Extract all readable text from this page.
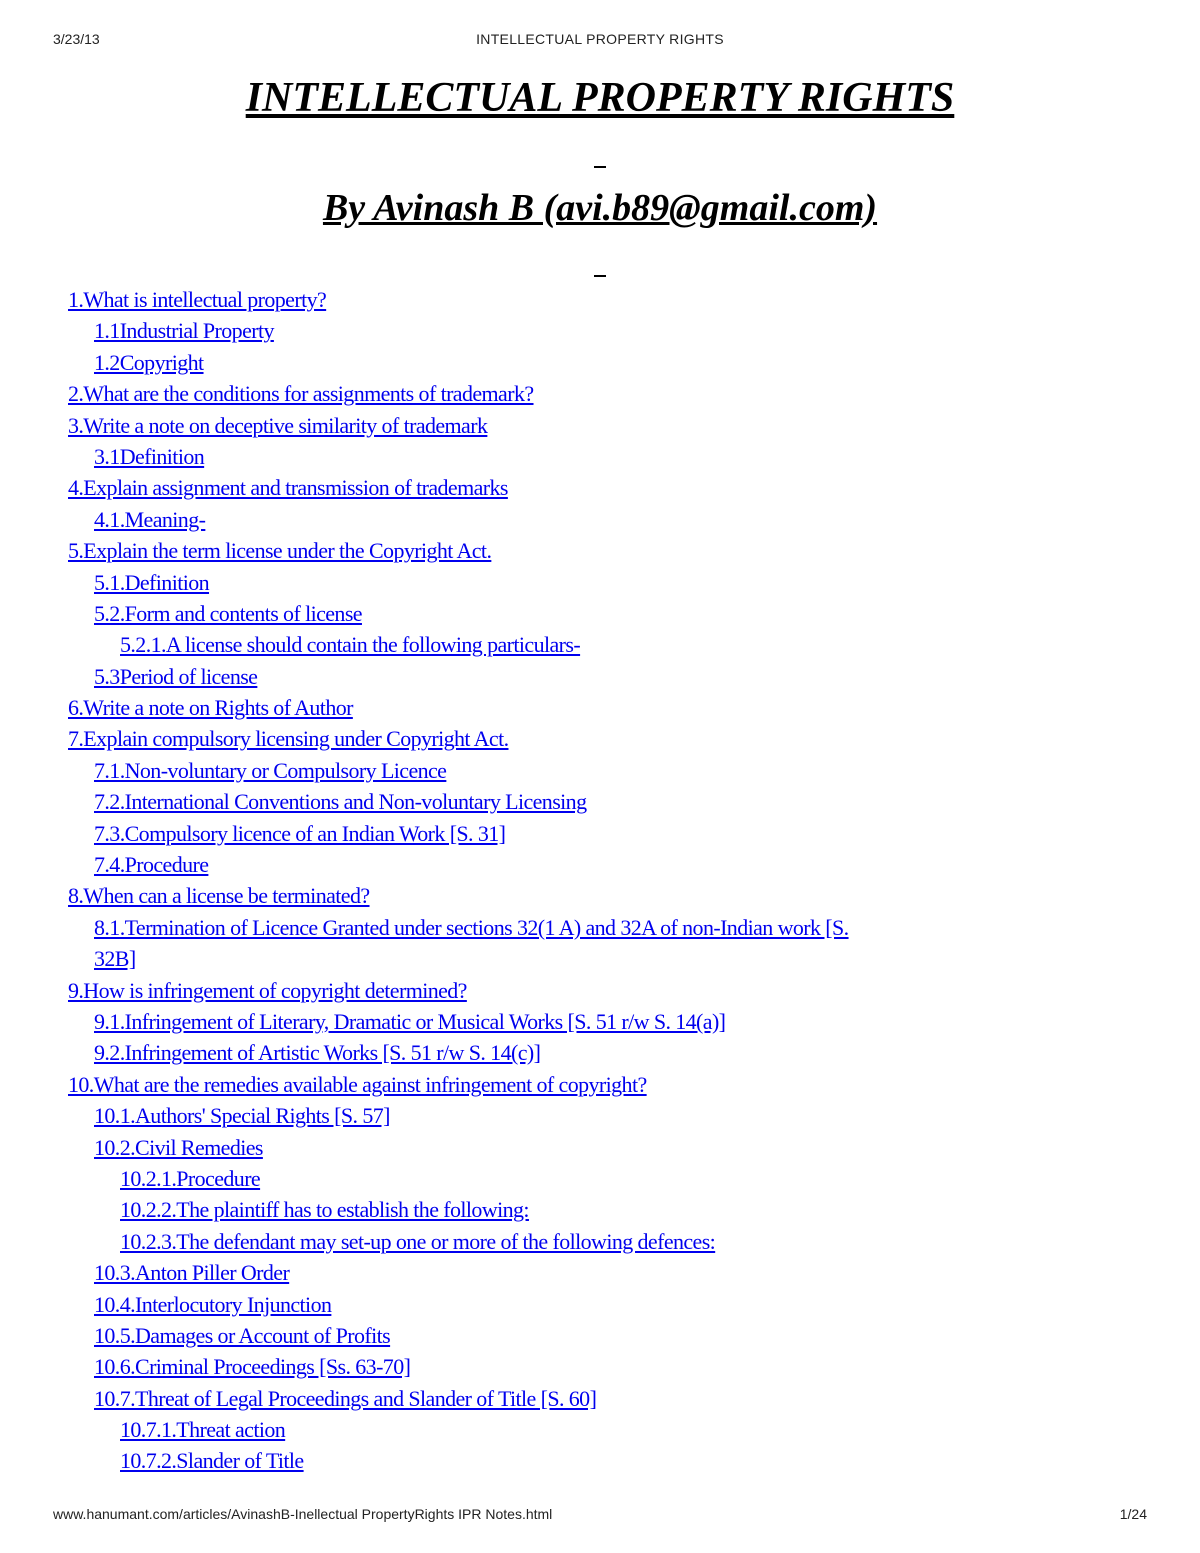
3/23/13	INTELLECTUAL PROPERTY RIGHTS
INTELLECTUAL PROPERTY RIGHTS
By Avinash B (avi.b89@gmail.com)
1.What is intellectual property?
1.1Industrial Property
1.2Copyright
2.What are the conditions for assignments of trademark?
3.Write a note on deceptive similarity of trademark
3.1Definition
4.Explain assignment and transmission of trademarks
4.1.Meaning-
5.Explain the term license under the Copyright Act.
5.1.Definition
5.2.Form and contents of license
5.2.1.A license should contain the following particulars-
5.3Period of license
6.Write a note on Rights of Author
7.Explain compulsory licensing under Copyright Act.
7.1.Non-voluntary or Compulsory Licence
7.2.International Conventions and Non-voluntary Licensing
7.3.Compulsory licence of an Indian Work [S. 31]
7.4.Procedure
8.When can a license be terminated?
8.1.Termination of Licence Granted under sections 32(1 A) and 32A of non-Indian work [S. 32B]
9.How is infringement of copyright determined?
9.1.Infringement of Literary, Dramatic or Musical Works [S. 51 r/w S. 14(a)]
9.2.Infringement of Artistic Works [S. 51 r/w S. 14(c)]
10.What are the remedies available against infringement of copyright?
10.1.Authors' Special Rights [S. 57]
10.2.Civil Remedies
10.2.1.Procedure
10.2.2.The plaintiff has to establish the following:
10.2.3.The defendant may set-up one or more of the following defences:
10.3.Anton Piller Order
10.4.Interlocutory Injunction
10.5.Damages or Account of Profits
10.6.Criminal Proceedings [Ss. 63-70]
10.7.Threat of Legal Proceedings and Slander of Title [S. 60]
10.7.1.Threat action
10.7.2.Slander of Title
www.hanumant.com/articles/AvinashB-Inellectual PropertyRights IPR Notes.html	1/24
